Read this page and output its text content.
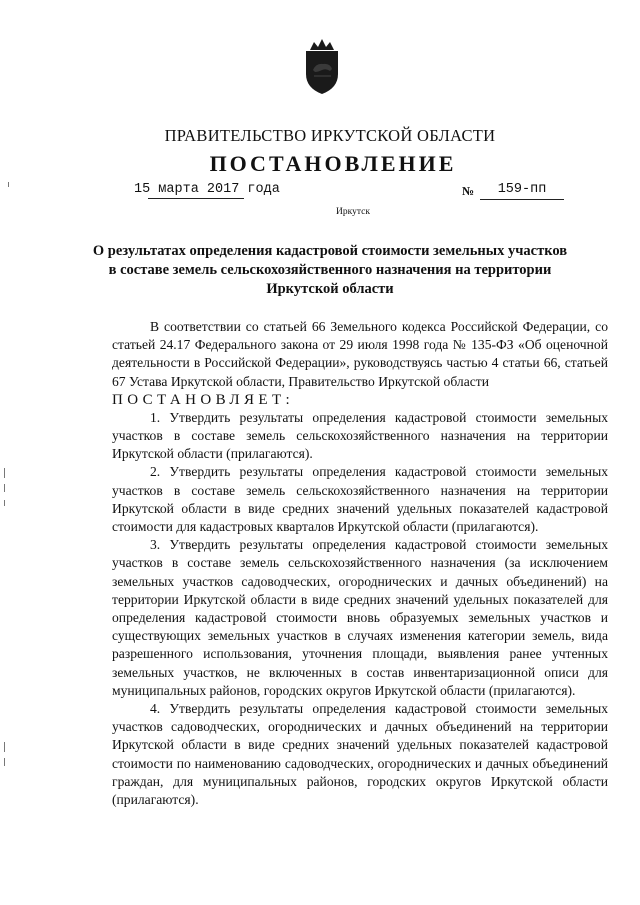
ПРАВИТЕЛЬСТВО ИРКУТСКОЙ ОБЛАСТИ
ПОСТАНОВЛЕНИЕ
15 марта 2017 года	№	159-пп
Иркутск
О результатах определения кадастровой стоимости земельных участков в составе земель сельскохозяйственного назначения на территории Иркутской области

В соответствии со статьей 66 Земельного кодекса Российской Федерации, со статьей 24.17 Федерального закона от 29 июля 1998 года № 135-ФЗ «Об оценочной деятельности в Российской Федерации», руководствуясь частью 4 статьи 66, статьей 67 Устава Иркутской области, Правительство Иркутской области

ПОСТАНОВЛЯЕТ:

1. Утвердить результаты определения кадастровой стоимости земельных участков в составе земель сельскохозяйственного назначения на территории Иркутской области (прилагаются).

2. Утвердить результаты определения кадастровой стоимости земельных участков в составе земель сельскохозяйственного назначения на территории Иркутской области в виде средних значений удельных показателей кадастровой стоимости для кадастровых кварталов Иркутской области (прилагаются).

3. Утвердить результаты определения кадастровой стоимости земельных участков в составе земель сельскохозяйственного назначения (за исключением земельных участков садоводческих, огороднических и дачных объединений) на территории Иркутской области в виде средних значений удельных показателей для определения кадастровой стоимости вновь образуемых земельных участков и существующих земельных участков в случаях изменения категории земель, вида разрешенного использования, уточнения площади, выявления ранее учтенных земельных участков, не включенных в состав инвентаризационной описи для муниципальных районов, городских округов Иркутской области (прилагаются).

4. Утвердить результаты определения кадастровой стоимости земельных участков садоводческих, огороднических и дачных объединений на территории Иркутской области в виде средних значений удельных показателей кадастровой стоимости по наименованию садоводческих, огороднических и дачных объединений граждан, для муниципальных районов, городских округов Иркутской области (прилагаются).
